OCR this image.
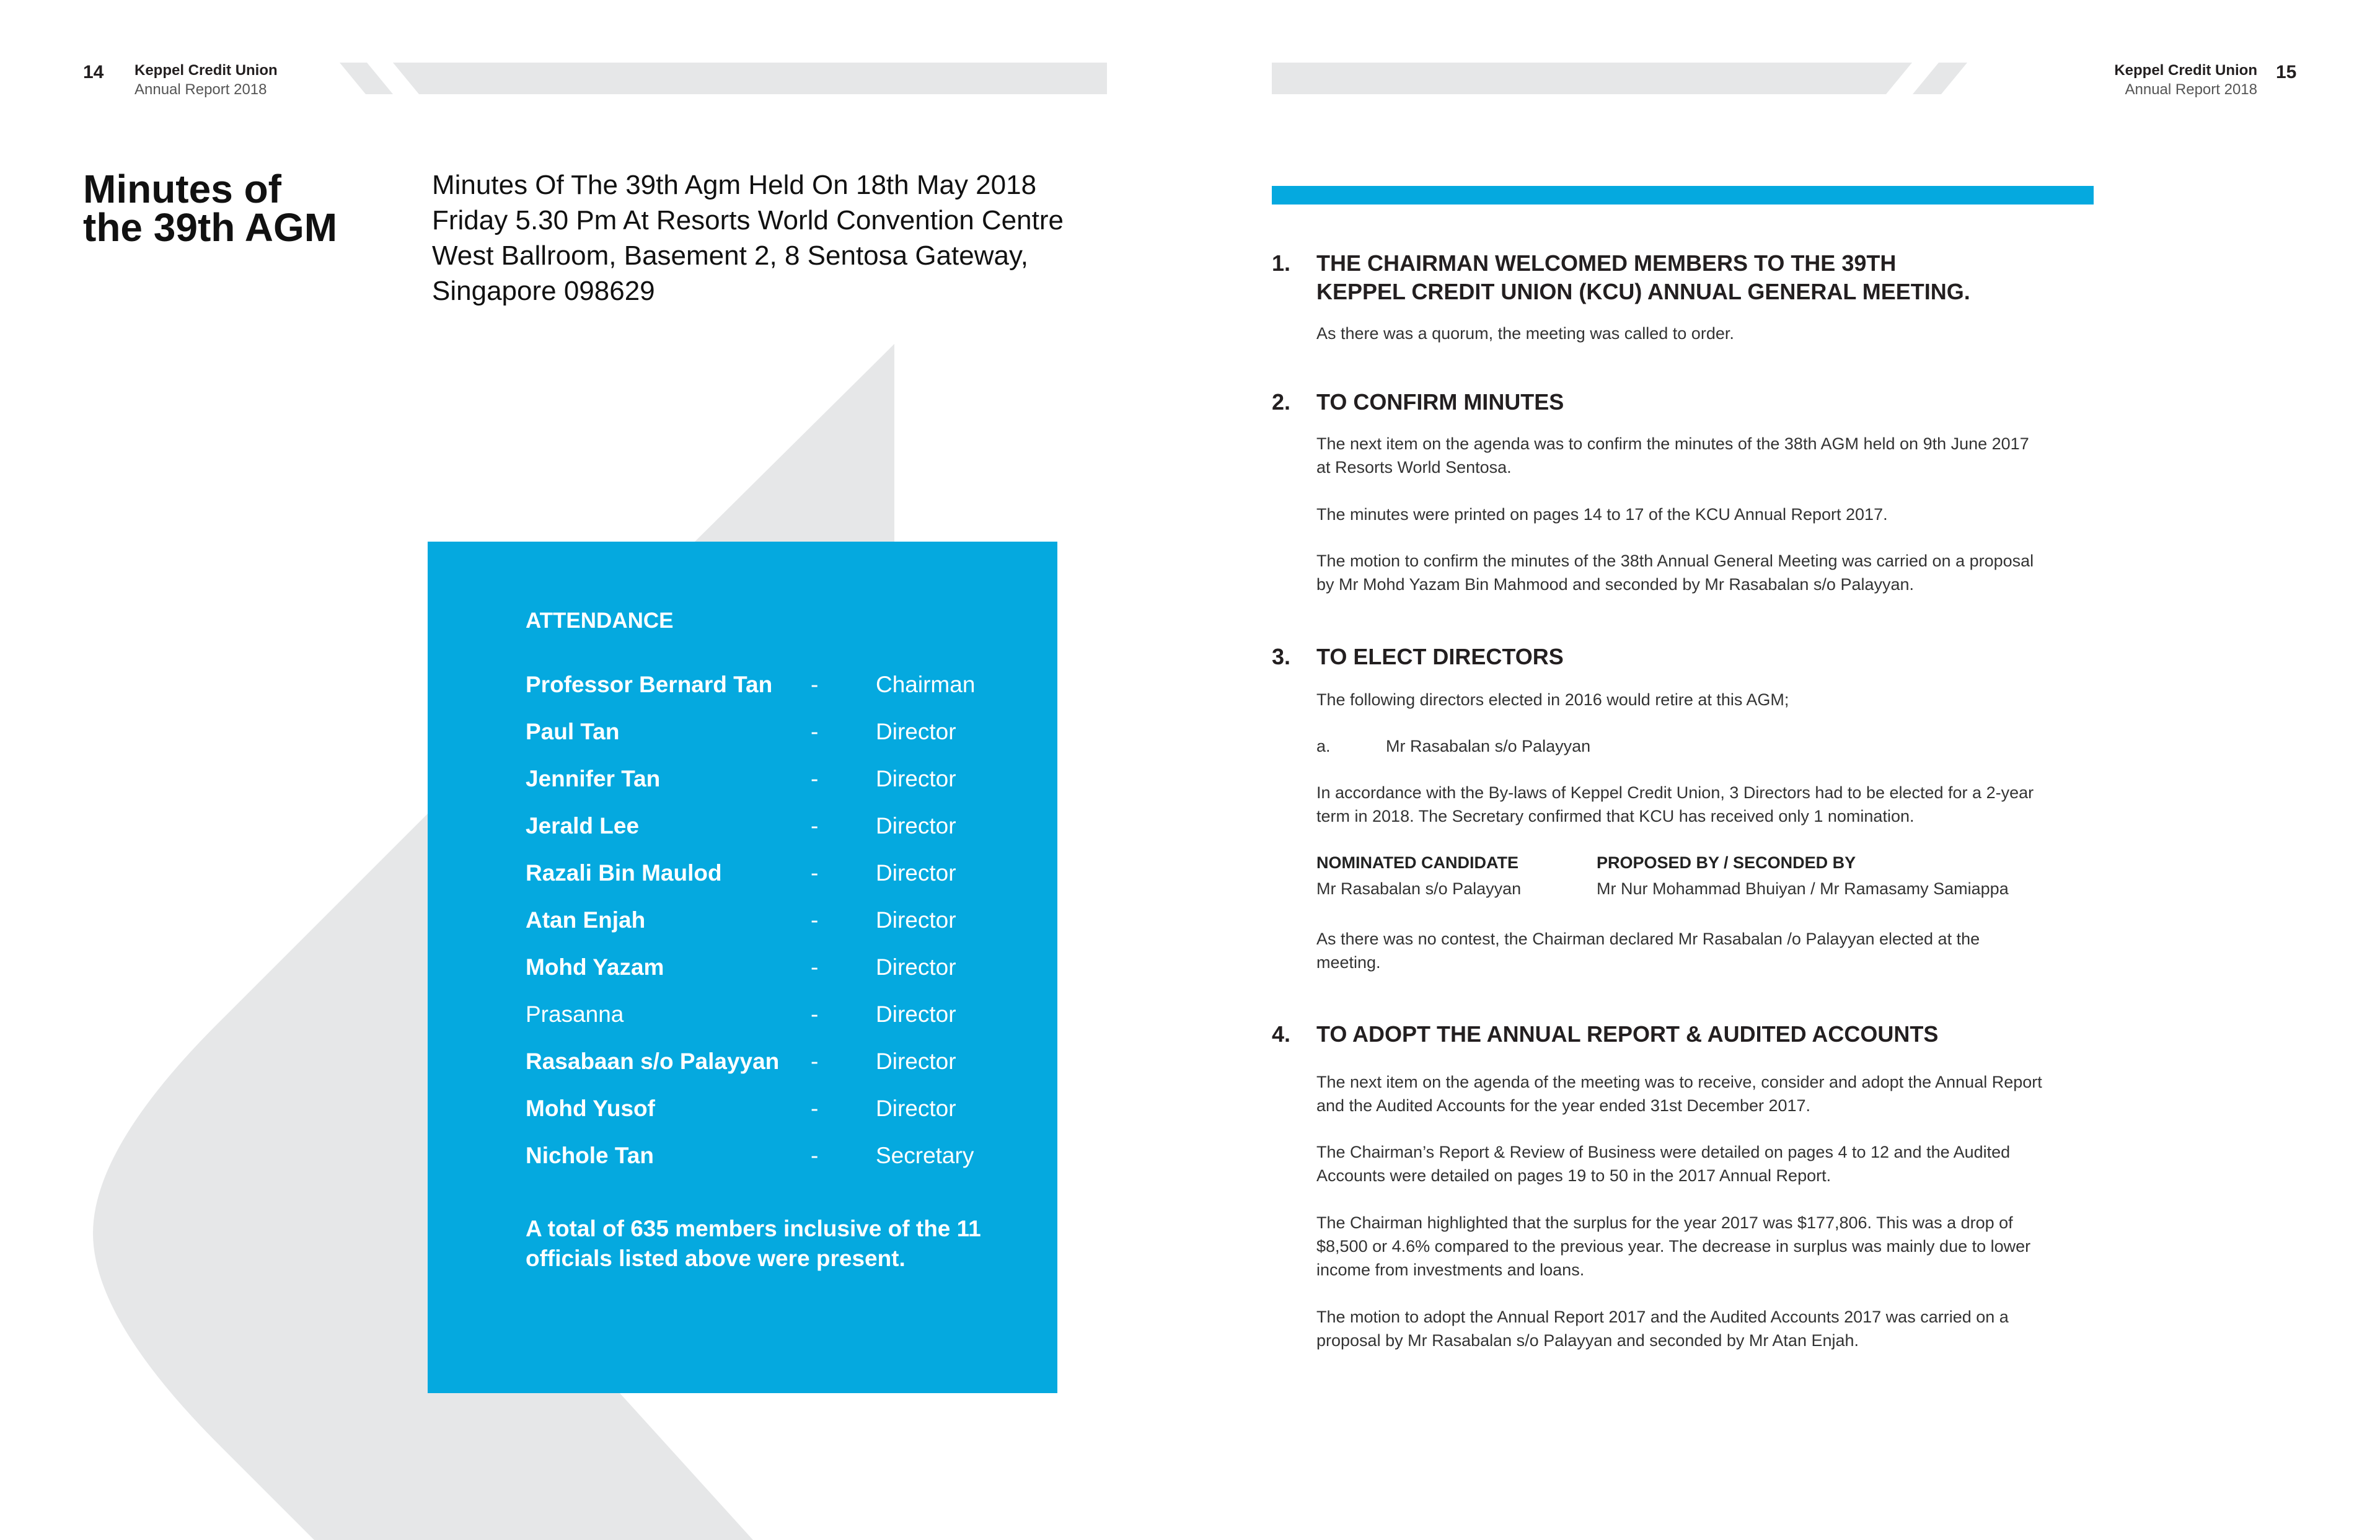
14 Keppel Credit Union
Annual Report 2018
Minutes of
the 39th AGM
Minutes Of The 39th Agm Held On 18th May 2018
Friday 5.30 Pm At Resorts World Convention Centre
West Ballroom, Basement 2, 8 Sentosa Gateway,
Singapore 098629
ATTENDANCE
Professor Bernard Tan -	Chairman
Paul Tan	-	Director
Jennifer Tan	-	Director
Jerald Lee	-	Director
Razali Bin Maulod	-	Director
Atan Enjah	-	Director
Mohd Yazam	-	Director
Prasanna	-	Director
Rasabaan s/o Palayyan -	Director
Mohd Yusof	-	Director
Nichole Tan	-	Secretary
A total of 635 members inclusive of the 11
officials listed above were present.
Keppel Credit Union
Annual Report 2018
15
1. THE CHAIRMAN WELCOMED MEMBERS TO THE 39TH
KEPPEL CREDIT UNION (KCU) ANNUAL GENERAL MEETING.
As there was a quorum, the meeting was called to order.
2. TO CONFIRM MINUTES
The next item on the agenda was to confirm the minutes of the 38th AGM held on 9th June 2017
at Resorts World Sentosa.
The minutes were printed on pages 14 to 17 of the KCU Annual Report 2017.
The motion to confirm the minutes of the 38th Annual General Meeting was carried on a proposal
by Mr Mohd Yazam Bin Mahmood and seconded by Mr Rasabalan s/o Palayyan.
3. TO ELECT DIRECTORS
The following directors elected in 2016 would retire at this AGM;
a.	Mr Rasabalan s/o Palayyan
In accordance with the By-laws of Keppel Credit Union, 3 Directors had to be elected for a 2-year
term in 2018. The Secretary confirmed that KCU has received only 1 nomination.
NOMINATED CANDIDATE
Mr Rasabalan s/o Palayyan
PROPOSED BY / SECONDED BY
Mr Nur Mohammad Bhuiyan / Mr Ramasamy Samiappa
As there was no contest, the Chairman declared Mr Rasabalan /o Palayyan elected at the
meeting.
4. TO ADOPT THE ANNUAL REPORT & AUDITED ACCOUNTS
The next item on the agenda of the meeting was to receive, consider and adopt the Annual Report
and the Audited Accounts for the year ended 31st December 2017.
The Chairman’s Report & Review of Business were detailed on pages 4 to 12 and the Audited
Accounts were detailed on pages 19 to 50 in the 2017 Annual Report.
The Chairman highlighted that the surplus for the year 2017 was $177,806. This was a drop of
$8,500 or 4.6% compared to the previous year. The decrease in surplus was mainly due to lower
income from investments and loans.
The motion to adopt the Annual Report 2017 and the Audited Accounts 2017 was carried on a
proposal by Mr Rasabalan s/o Palayyan and seconded by Mr Atan Enjah.
